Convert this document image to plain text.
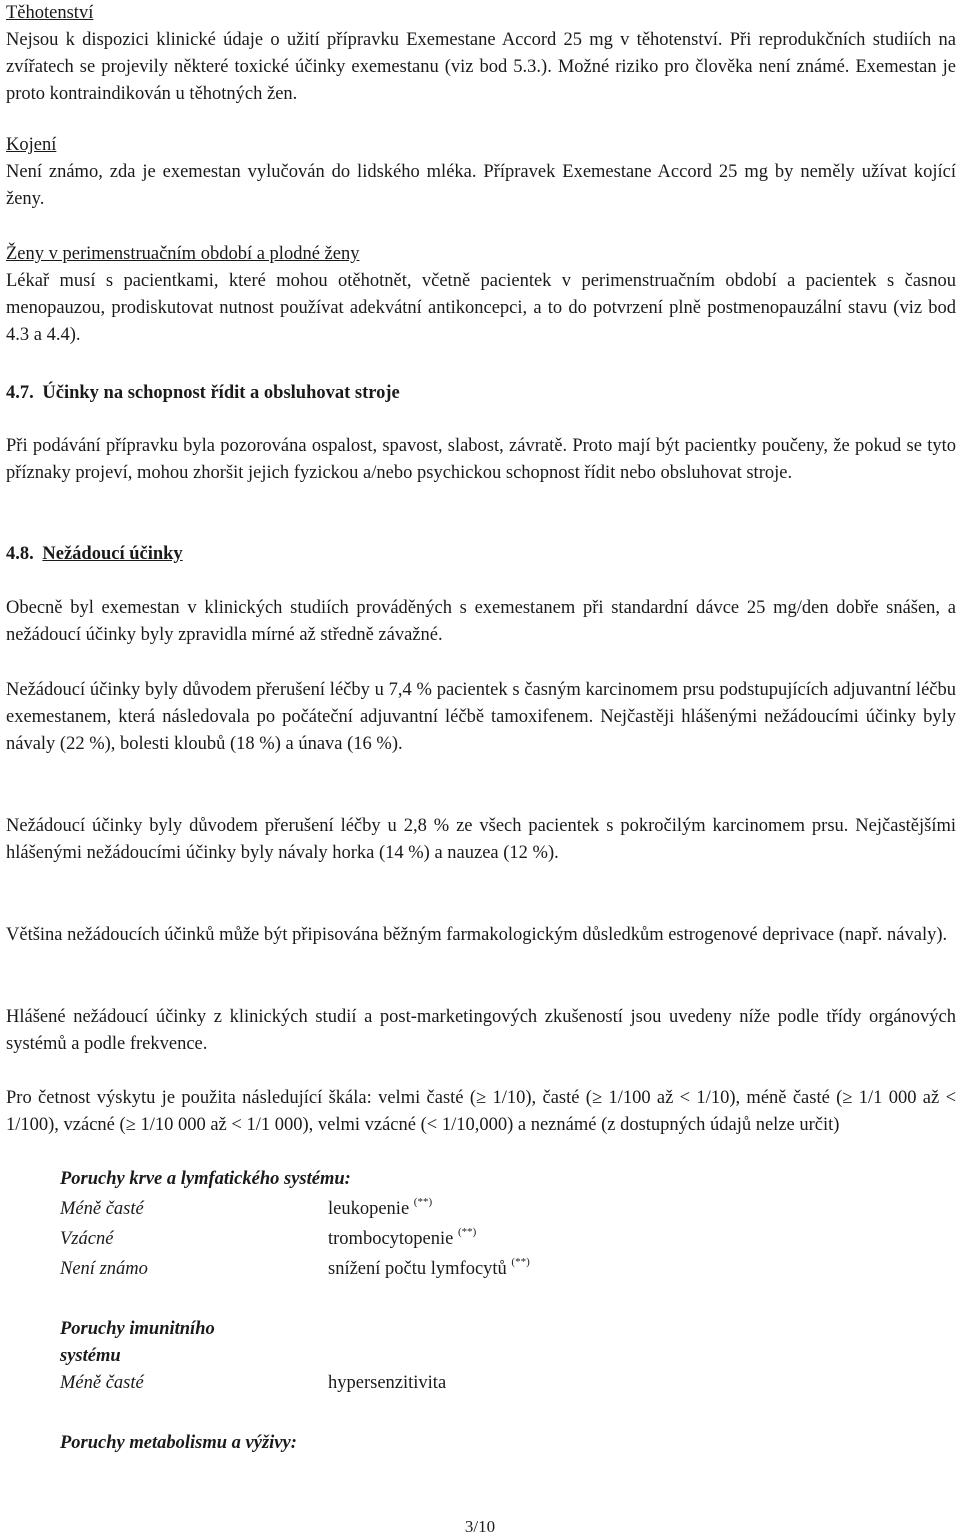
Těhotenství
Nejsou k dispozici klinické údaje o užití přípravku Exemestane Accord 25 mg v těhotenství. Při reprodukčních studiích na zvířatech se projevily některé toxické účinky exemestanu (viz bod 5.3.). Možné riziko pro člověka není známé. Exemestan je proto kontraindikován u těhotných žen.
Kojení
Není známo, zda je exemestan vylučován do lidského mléka. Přípravek Exemestane Accord 25 mg by neměly užívat kojící ženy.
Ženy v perimenstruačním období a plodné ženy
Lékař musí s pacientkami, které mohou otěhotnět, včetně pacientek v perimenstruačním období a pacientek s časnou menopauzou, prodiskutovat nutnost používat adekvátní antikoncepci, a to do potvrzení plně postmenopauzální stavu (viz bod 4.3 a 4.4).
4.7. Účinky na schopnost řídit a obsluhovat stroje
Při podávání přípravku byla pozorována ospalost, spavost, slabost, závratě. Proto mají být pacientky poučeny, že pokud se tyto příznaky projeví, mohou zhoršit jejich fyzickou a/nebo psychickou schopnost řídit nebo obsluhovat stroje.
4.8. Nežádoucí účinky
Obecně byl exemestan v klinických studiích prováděných s exemestanem při standardní dávce 25 mg/den dobře snášen, a nežádoucí účinky byly zpravidla mírné až středně závažné.
Nežádoucí účinky byly důvodem přerušení léčby u 7,4 % pacientek s časným karcinomem prsu podstupujících adjuvantní léčbu exemestanem, která následovala po počáteční adjuvantní léčbě tamoxifenem. Nejčastěji hlášenými nežádoucími účinky byly návaly (22 %), bolesti kloubů (18 %) a únava (16 %).
Nežádoucí účinky byly důvodem přerušení léčby u 2,8 % ze všech pacientek s pokročilým karcinomem prsu. Nejčastějšími hlášenými nežádoucími účinky byly návaly horka (14 %) a nauzea (12 %).
Většina nežádoucích účinků může být připisována běžným farmakologickým důsledkům estrogenové deprivace (např. návaly).
Hlášené nežádoucí účinky z klinických studií a post-marketingových zkušeností jsou uvedeny níže podle třídy orgánových systémů a podle frekvence.
Pro četnost výskytu je použita následující škála: velmi časté (≥ 1/10), časté (≥ 1/100 až < 1/10), méně časté (≥ 1/1 000 až < 1/100), vzácné (≥ 1/10 000 až < 1/1 000), velmi vzácné (< 1/10,000) a neznámé (z dostupných údajů nelze určit)
Poruchy krve a lymfatického systému:
Méně časté	leukopenie (**)
Vzácné	trombocytopenie (**)
Není známo	snížení počtu lymfocytů (**)
Poruchy imunitního
systému
Méně časté	hypersenzitivita
Poruchy metabolismu a výživy:
3/10
